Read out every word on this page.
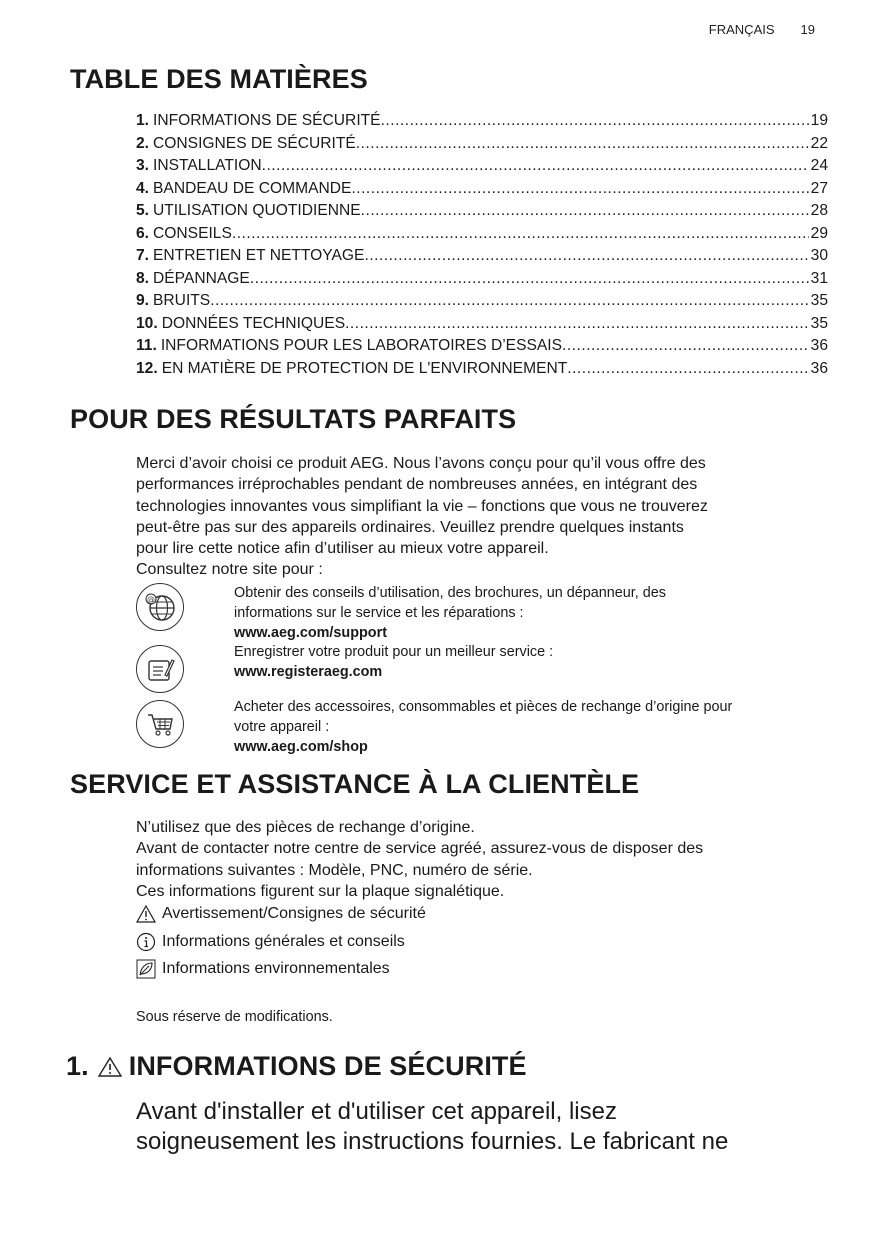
FRANÇAIS 19
TABLE DES MATIÈRES
1. INFORMATIONS DE SÉCURITÉ .....	19
2. CONSIGNES DE SÉCURITÉ .....	22
3. INSTALLATION .....	24
4. BANDEAU DE COMMANDE .....	27
5. UTILISATION QUOTIDIENNE .....	28
6. CONSEILS .....	29
7. ENTRETIEN ET NETTOYAGE .....	30
8. DÉPANNAGE .....	31
9. BRUITS .....	35
10. DONNÉES TECHNIQUES .....	35
11. INFORMATIONS POUR LES LABORATOIRES D’ESSAIS .....	36
12. EN MATIÈRE DE PROTECTION DE L'ENVIRONNEMENT .....	36
POUR DES RÉSULTATS PARFAITS
Merci d’avoir choisi ce produit AEG. Nous l’avons conçu pour qu’il vous offre des
performances irréprochables pendant de nombreuses années, en intégrant des
technologies innovantes vous simplifiant la vie – fonctions que vous ne trouverez
peut-être pas sur des appareils ordinaires. Veuillez prendre quelques instants
pour lire cette notice afin d’utiliser au mieux votre appareil.
Consultez notre site pour :
@	Obtenir des conseils d’utilisation, des brochures, un dépanneur, des
informations sur le service et les réparations :
www.aeg.com/support
Enregistrer votre produit pour un meilleur service :
www.registeraeg.com
Acheter des accessoires, consommables et pièces de rechange d’origine pour
votre appareil :
www.aeg.com/shop
SERVICE ET ASSISTANCE À LA CLIENTÈLE
N’utilisez que des pièces de rechange d’origine.
Avant de contacter notre centre de service agréé, assurez-vous de disposer des
informations suivantes : Modèle, PNC, numéro de série.
Ces informations figurent sur la plaque signalétique.
Avertissement/Consignes de sécurité
Informations générales et conseils
Informations environnementales
Sous réserve de modifications.
1. INFORMATIONS DE SÉCURITÉ
Avant d'installer et d'utiliser cet appareil, lisez
soigneusement les instructions fournies. Le fabricant ne
